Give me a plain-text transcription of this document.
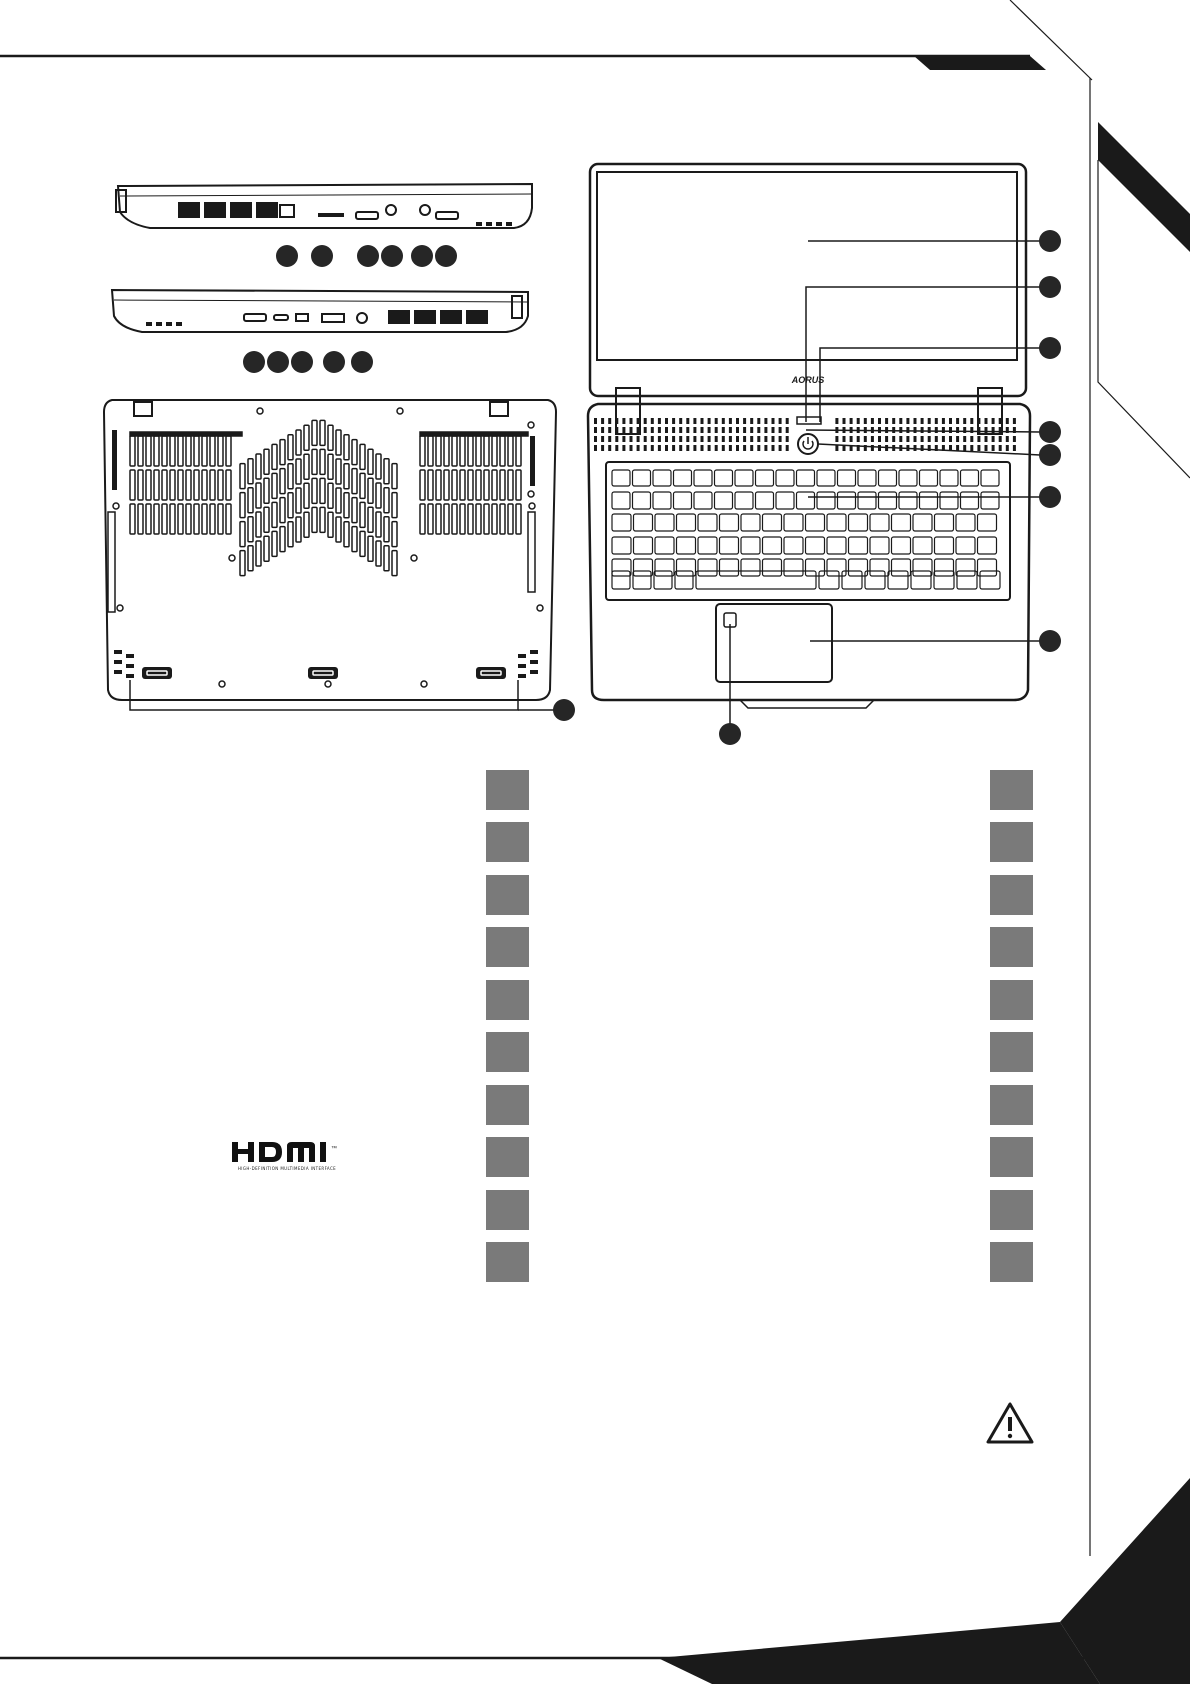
AORUS
™
HIGH-DEFINITION MULTIMEDIA INTERFACE
